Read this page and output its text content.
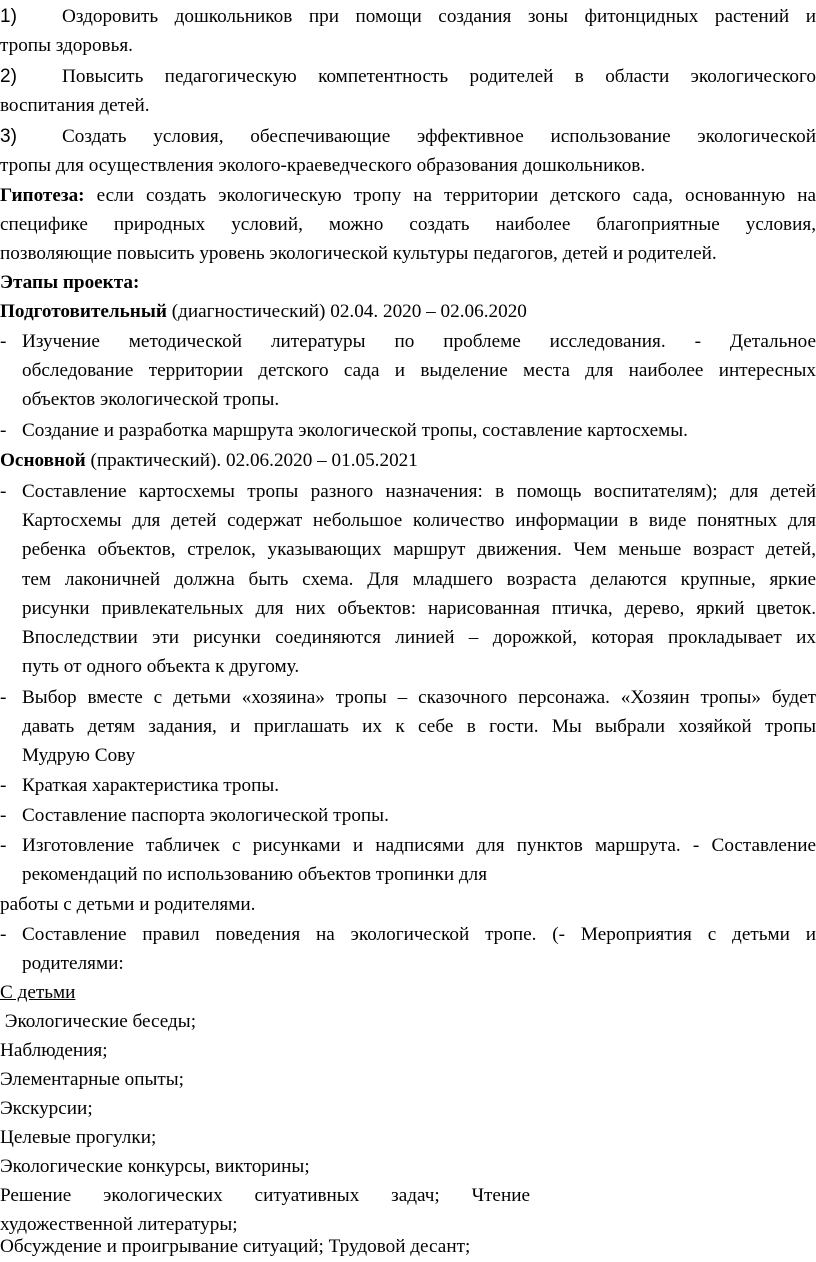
1) Оздоровить дошкольников при помощи создания зоны фитонцидных растений и
тропы здоровья.
2) Повысить педагогическую компетентность родителей в области экологического
воспитания детей.
3) Создать условия, обеспечивающие эффективное использование экологической
тропы для осуществления эколого-краеведческого образования дошкольников.
Гипотеза: если создать экологическую тропу на территории детского сада, основанную на
специфике природных условий, можно создать наиболее благоприятные условия,
позволяющие повысить уровень экологической культуры педагогов, детей и родителей.
Этапы проекта:
Подготовительный (диагностический) 02.04. 2020 – 02.06.2020
- Изучение методической литературы по проблеме исследования. - Детальное
обследование территории детского сада и выделение места для наиболее интересных
объектов экологической тропы.
- Создание и разработка маршрута экологической тропы, составление картосхемы.
Основной (практический). 02.06.2020 – 01.05.2021
- Составление картосхемы тропы разного назначения: в помощь воспитателям); для детей
Картосхемы для детей содержат небольшое количество информации в виде понятных для
ребенка объектов, стрелок, указывающих маршрут движения. Чем меньше возраст детей,
тем лаконичней должна быть схема. Для младшего возраста делаются крупные, яркие
рисунки привлекательных для них объектов: нарисованная птичка, дерево, яркий цветок.
Впоследствии эти рисунки соединяются линией – дорожкой, которая прокладывает их
путь от одного объекта к другому.
- Выбор вместе с детьми «хозяина» тропы – сказочного персонажа. «Хозяин тропы» будет
давать детям задания, и приглашать их к себе в гости. Мы выбрали хозяйкой тропы
Мудрую Сову
- Краткая характеристика тропы.
- Составление паспорта экологической тропы.
- Изготовление табличек с рисунками и надписями для пунктов маршрута. - Составление
рекомендаций по использованию объектов тропинки для
работы с детьми и родителями.
- Составление правил поведения на экологической тропе. (- Мероприятия с детьми и
родителями:
С детьми
Экологические беседы;
Наблюдения;
Элементарные опыты;
Экскурсии;
Целевые прогулки;
Экологические конкурсы, викторины;
Решение экологических ситуативных задач; Чтение
художественной литературы;
Обсуждение и проигрывание ситуаций; Трудовой десант;
